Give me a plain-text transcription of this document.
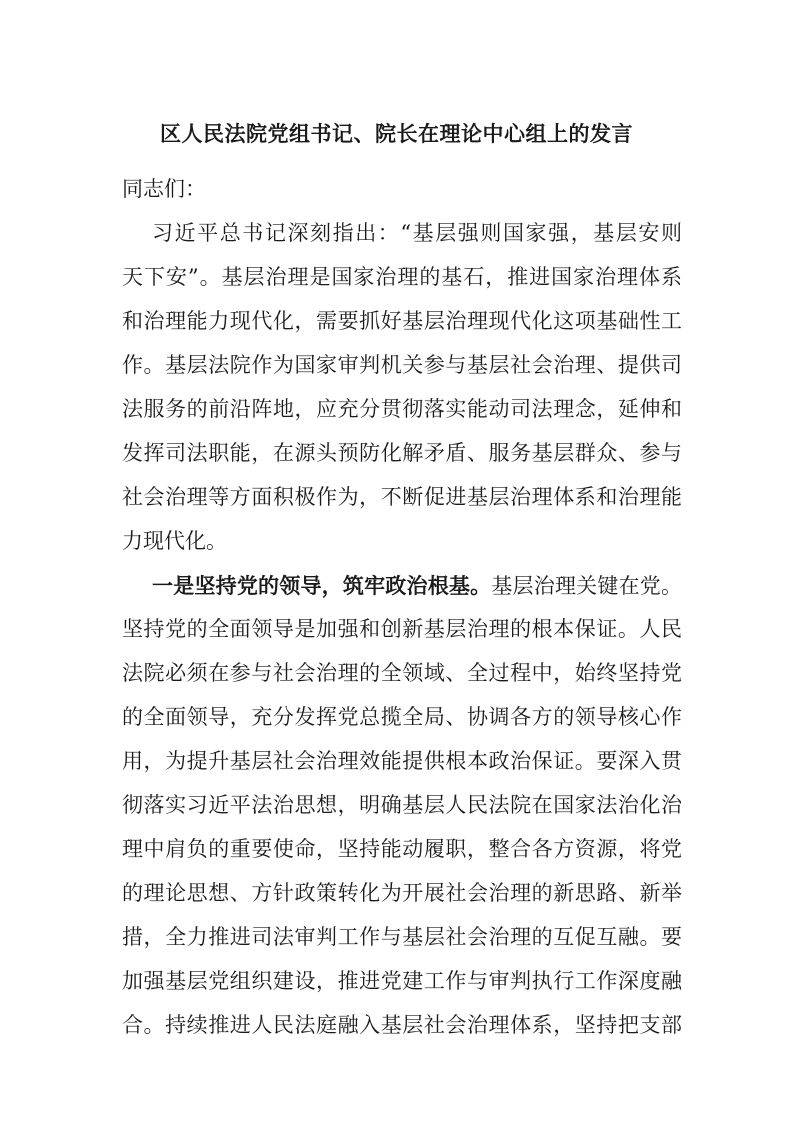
区人民法院党组书记、院长在理论中心组上的发言
同志们：
习近平总书记深刻指出：“基层强则国家强，基层安则
天下安”。基层治理是国家治理的基石，推进国家治理体系
和治理能力现代化，需要抓好基层治理现代化这项基础性工
作。基层法院作为国家审判机关参与基层社会治理、提供司
法服务的前沿阵地，应充分贯彻落实能动司法理念，延伸和
发挥司法职能，在源头预防化解矛盾、服务基层群众、参与
社会治理等方面积极作为，不断促进基层治理体系和治理能
力现代化。
一是坚持党的领导，筑牢政治根基。基层治理关键在党。
坚持党的全面领导是加强和创新基层治理的根本保证。人民
法院必须在参与社会治理的全领域、全过程中，始终坚持党
的全面领导，充分发挥党总揽全局、协调各方的领导核心作
用，为提升基层社会治理效能提供根本政治保证。要深入贯
彻落实习近平法治思想，明确基层人民法院在国家法治化治
理中肩负的重要使命，坚持能动履职，整合各方资源，将党
的理论思想、方针政策转化为开展社会治理的新思路、新举
措，全力推进司法审判工作与基层社会治理的互促互融。要
加强基层党组织建设，推进党建工作与审判执行工作深度融
合。持续推进人民法庭融入基层社会治理体系，坚持把支部
